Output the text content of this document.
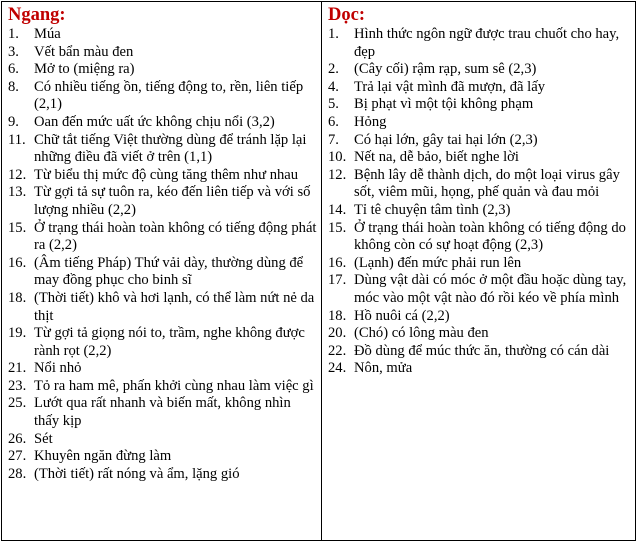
Ngang:
1.	Múa
3.	Vết bẩn màu đen
6.	Mở to (miệng ra)
8.	Có nhiều tiếng ồn, tiếng động to, rền, liên tiếp (2,1)
9.	Oan đến mức uất ức không chịu nổi (3,2)
11. Chữ tắt tiếng Việt thường dùng để tránh lặp lại những điều đã viết ở trên (1,1)
12. Từ biểu thị mức độ cùng tăng thêm như nhau
13. Từ gợi tả sự tuôn ra, kéo đến liên tiếp và với số lượng nhiều (2,2)
15. Ở trạng thái hoàn toàn không có tiếng động phát ra (2,2)
16. (Âm tiếng Pháp) Thứ vải dày, thường dùng để may đồng phục cho binh sĩ
18. (Thời tiết) khô và hơi lạnh, có thể làm nứt nẻ da thịt
19. Từ gợi tả giọng nói to, trầm, nghe không được rành rọt (2,2)
21. Nổi nhỏ
23. Tỏ ra ham mê, phấn khởi cùng nhau làm việc gì
25. Lướt qua rất nhanh và biến mất, không nhìn thấy kịp
26. Sét
27. Khuyên ngăn đừng làm
28. (Thời tiết) rất nóng và ẩm, lặng gió
Dọc:
1.	Hình thức ngôn ngữ được trau chuốt cho hay, đẹp
2.	(Cây cối) rậm rạp, sum sê (2,3)
4.	Trả lại vật mình đã mượn, đã lấy
5.	Bị phạt vì một tội không phạm
6.	Hỏng
7.	Có hại lớn, gây tai hại lớn (2,3)
10. Nết na, dễ bảo, biết nghe lời
12. Bệnh lây dễ thành dịch, do một loại virus gây sốt, viêm mũi, họng, phế quản và đau mỏi
14. Tỉ tê chuyện tâm tình (2,3)
15. Ở trạng thái hoàn toàn không có tiếng động do không còn có sự hoạt động (2,3)
16. (Lạnh) đến mức phải run lên
17. Dùng vật dài có móc ở một đầu hoặc dùng tay, móc vào một vật nào đó rồi kéo về phía mình
18. Hồ nuôi cá (2,2)
20. (Chó) có lông màu đen
22. Đồ dùng để múc thức ăn, thường có cán dài
24. Nôn, mửa
